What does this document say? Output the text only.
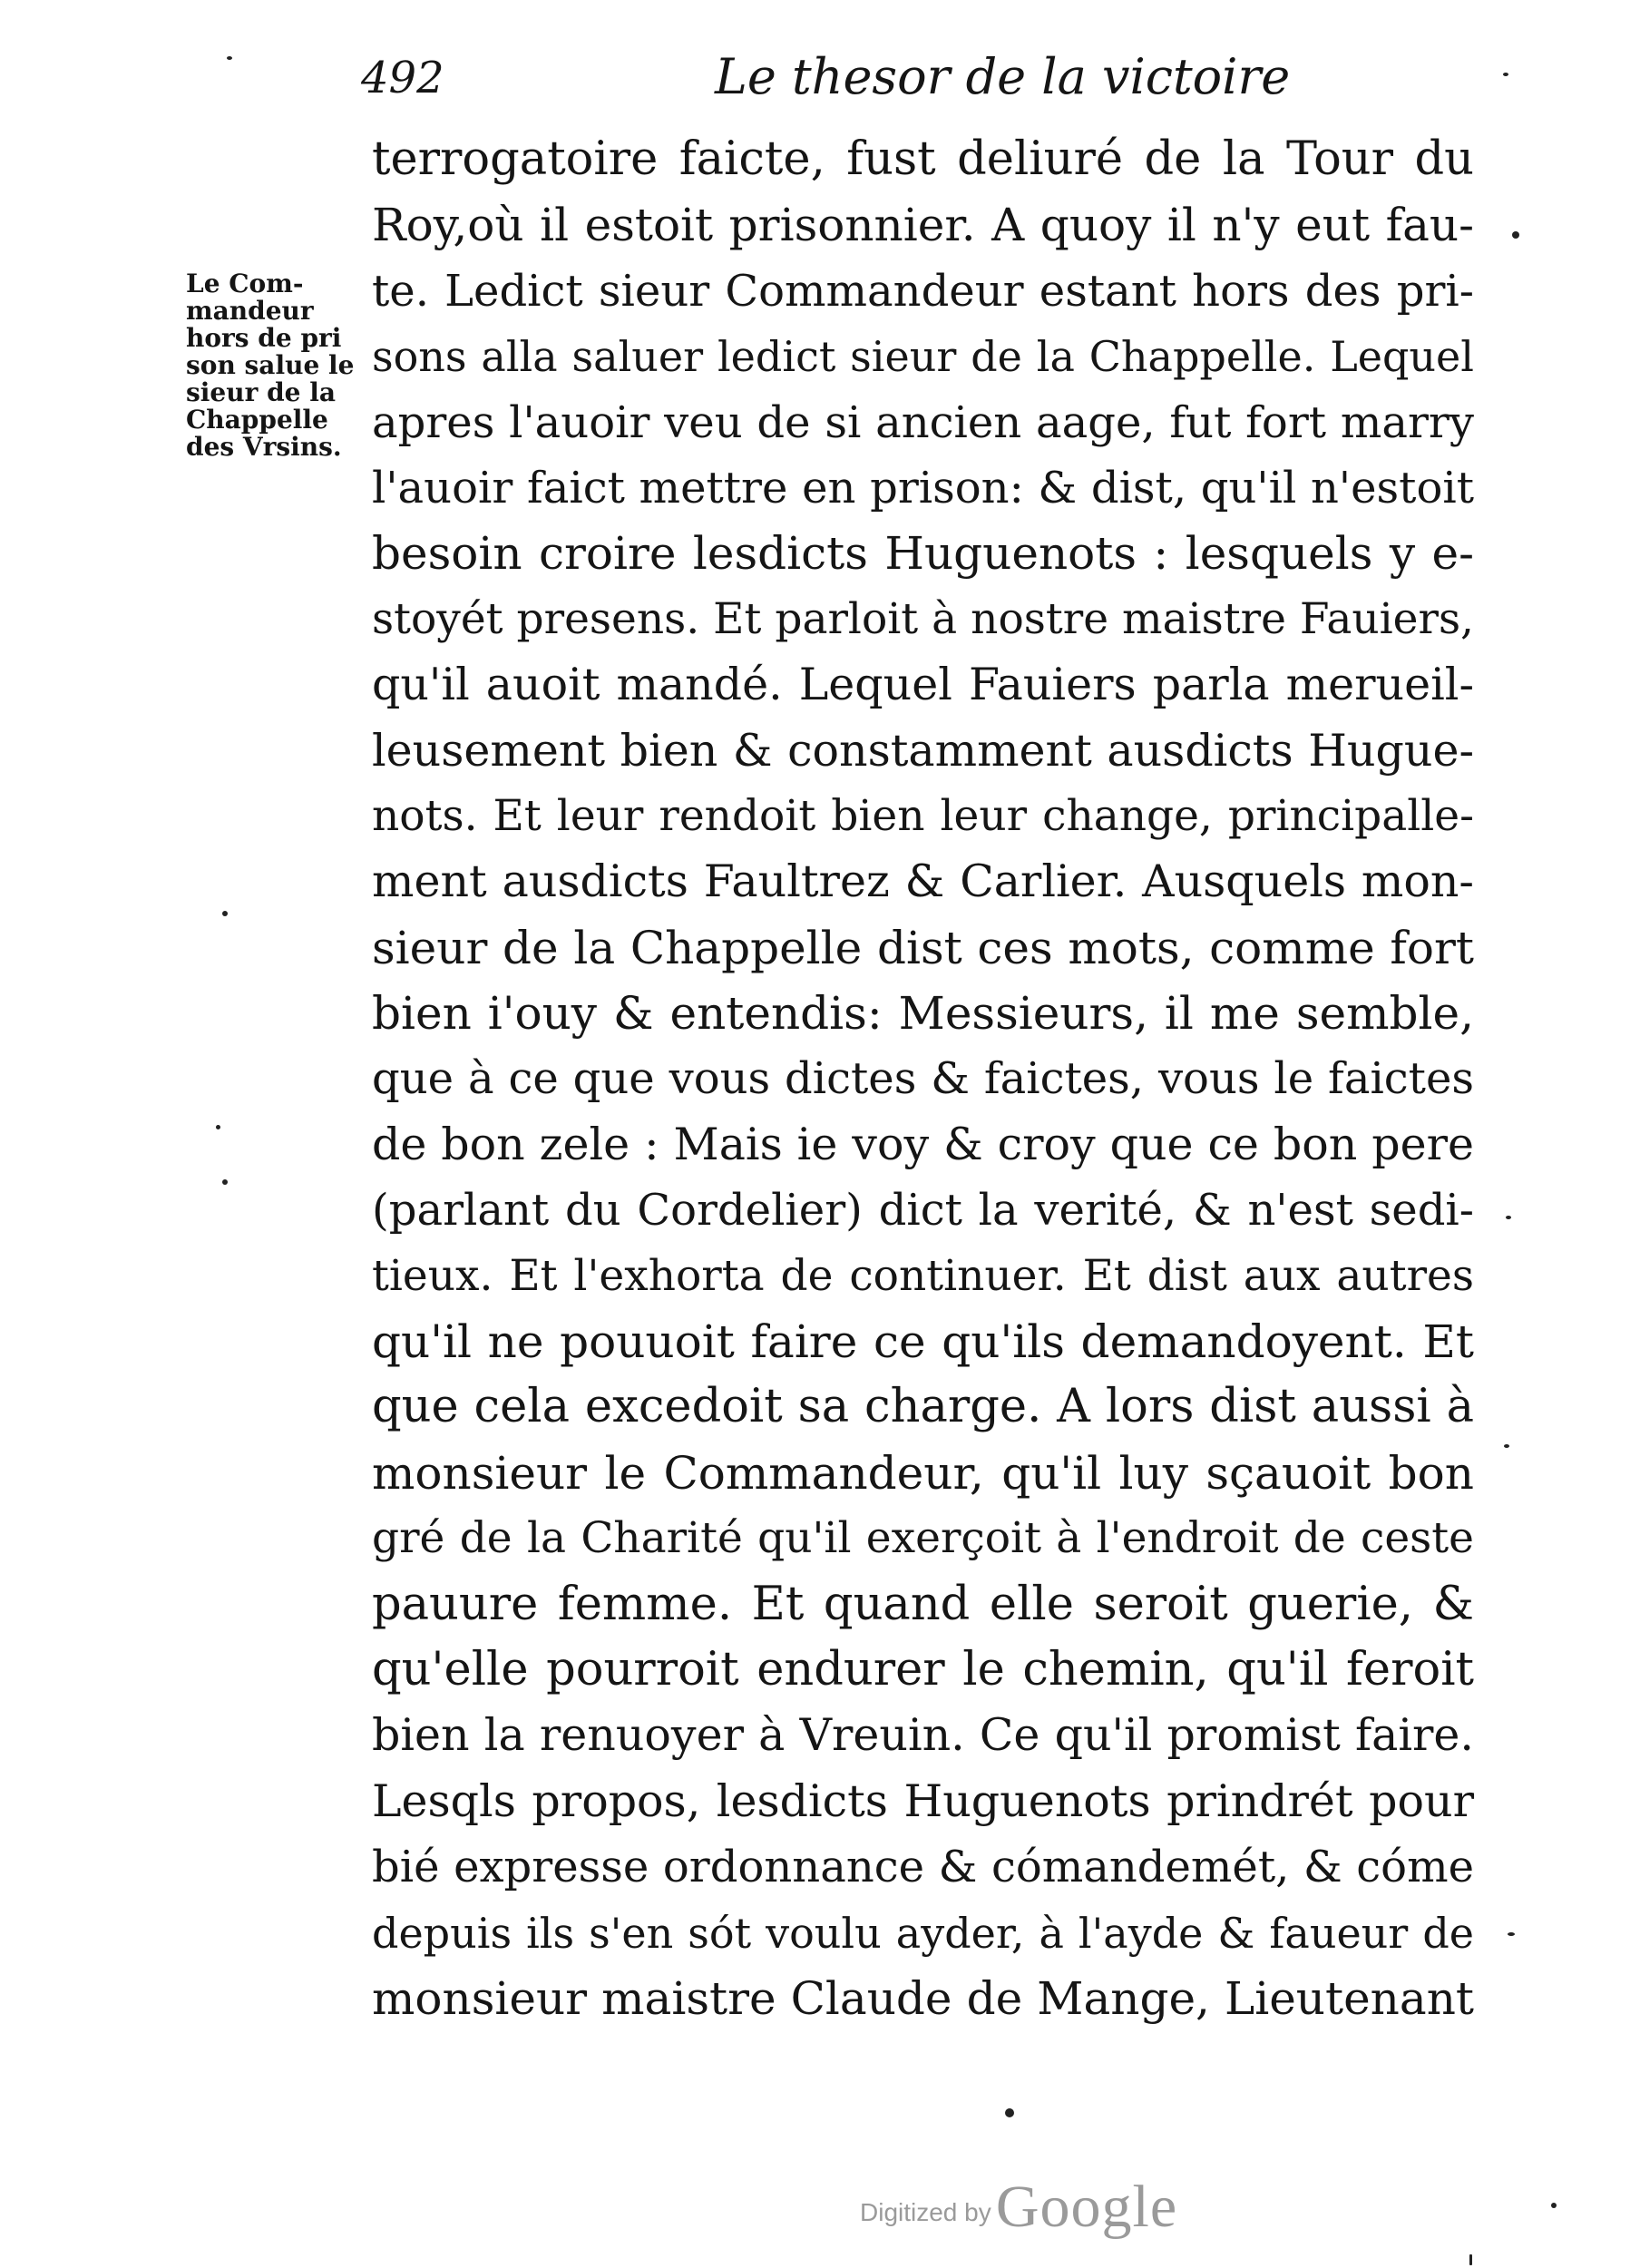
492	Le thesor de la victoire
Le Com-
mandeur
hors de pri
son salue le
sieur de la
Chappelle
des Vrsins.
terrogatoire faicte, fust deliuré de la Tour du
Roy,où il estoit prisonnier. A quoy il n'y eut fau-
te. Ledict sieur Commandeur estant hors des pri-
sons alla saluer ledict sieur de la Chappelle. Lequel
apres l'auoir veu de si ancien aage, fut fort marry
l'auoir faict mettre en prison: & dist, qu'il n'estoit
besoin croire lesdicts Huguenots : lesquels y e-
stoyét presens. Et parloit à nostre maistre Fauiers,
qu'il auoit mandé. Lequel Fauiers parla merueil-
leusement bien & constamment ausdicts Hugue-
nots. Et leur rendoit bien leur change, principalle-
ment ausdicts Faultrez & Carlier. Ausquels mon-
sieur de la Chappelle dist ces mots, comme fort
bien i'ouy & entendis: Messieurs, il me semble,
que à ce que vous dictes & faictes, vous le faictes
de bon zele : Mais ie voy & croy que ce bon pere
(parlant du Cordelier) dict la verité, & n'est sedi-
tieux. Et l'exhorta de continuer. Et dist aux autres
qu'il ne pouuoit faire ce qu'ils demandoyent. Et
que cela excedoit sa charge. A lors dist aussi à
monsieur le Commandeur, qu'il luy sçauoit bon
gré de la Charité qu'il exerçoit à l'endroit de ceste
pauure femme. Et quand elle seroit guerie, &
qu'elle pourroit endurer le chemin, qu'il feroit
bien la renuoyer à Vreuin. Ce qu'il promist faire.
Lesqls propos, lesdicts Huguenots prindrét pour
bié expresse ordonnance & cómandemét, & cóme
depuis ils s'en sót voulu ayder, à l'ayde & faueur de
monsieur maistre Claude de Mange, Lieutenant
Digitized by Google
